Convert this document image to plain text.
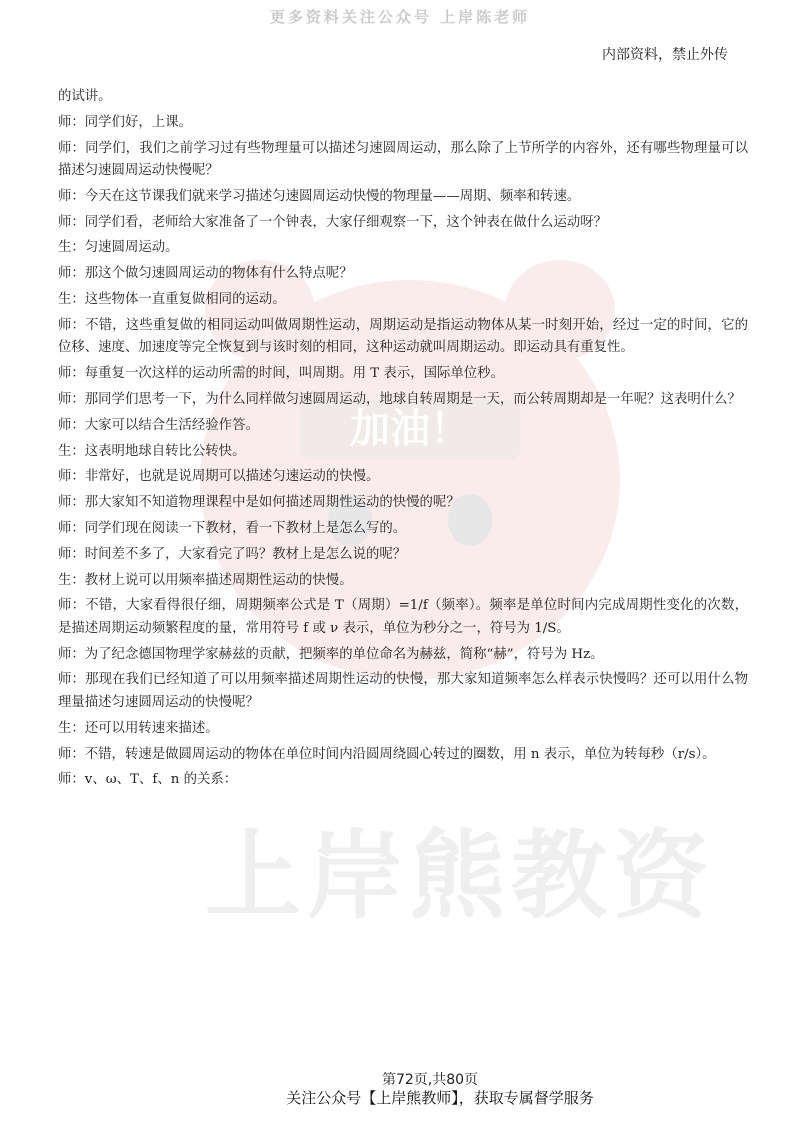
更多资料关注公众号 上岸陈老师
内部资料，禁止外传
加油！
上岸熊教资

的试讲。

师：同学们好，上课。

师：同学们，我们之前学习过有些物理量可以描述匀速圆周运动，那么除了上节所学的内容外，还有哪些物理量可以描述匀速圆周运动快慢呢？

师：今天在这节课我们就来学习描述匀速圆周运动快慢的物理量——周期、频率和转速。

师：同学们看，老师给大家准备了一个钟表，大家仔细观察一下，这个钟表在做什么运动呀？

生：匀速圆周运动。

师：那这个做匀速圆周运动的物体有什么特点呢？

生：这些物体一直重复做相同的运动。

师：不错，这些重复做的相同运动叫做周期性运动，周期运动是指运动物体从某一时刻开始，经过一定的时间，它的位移、速度、加速度等完全恢复到与该时刻的相同，这种运动就叫周期运动。即运动具有重复性。

师：每重复一次这样的运动所需的时间，叫周期。用 T 表示，国际单位秒。

师：那同学们思考一下，为什么同样做匀速圆周运动，地球自转周期是一天，而公转周期却是一年呢？这表明什么？

师：大家可以结合生活经验作答。

生：这表明地球自转比公转快。

师：非常好，也就是说周期可以描述匀速运动的快慢。

师：那大家知不知道物理课程中是如何描述周期性运动的快慢的呢？

师：同学们现在阅读一下教材，看一下教材上是怎么写的。

师：时间差不多了，大家看完了吗？教材上是怎么说的呢？

生：教材上说可以用频率描述周期性运动的快慢。

师：不错，大家看得很仔细，周期频率公式是 T（周期）=1/f（频率）。频率是单位时间内完成周期性变化的次数，是描述周期运动频繁程度的量，常用符号 f 或 ν 表示，单位为秒分之一，符号为 1/S。

师：为了纪念德国物理学家赫兹的贡献，把频率的单位命名为赫兹，简称“赫”，符号为 Hz。

师：那现在我们已经知道了可以用频率描述周期性运动的快慢，那大家知道频率怎么样表示快慢吗？还可以用什么物理量描述匀速圆周运动的快慢呢？

生：还可以用转速来描述。

师：不错，转速是做圆周运动的物体在单位时间内沿圆周绕圆心转过的圈数，用 n 表示，单位为转每秒（r/s）。

师：v、ω、T、f、n 的关系：

第72页,共80页
关注公众号【上岸熊教师】，获取专属督学服务
